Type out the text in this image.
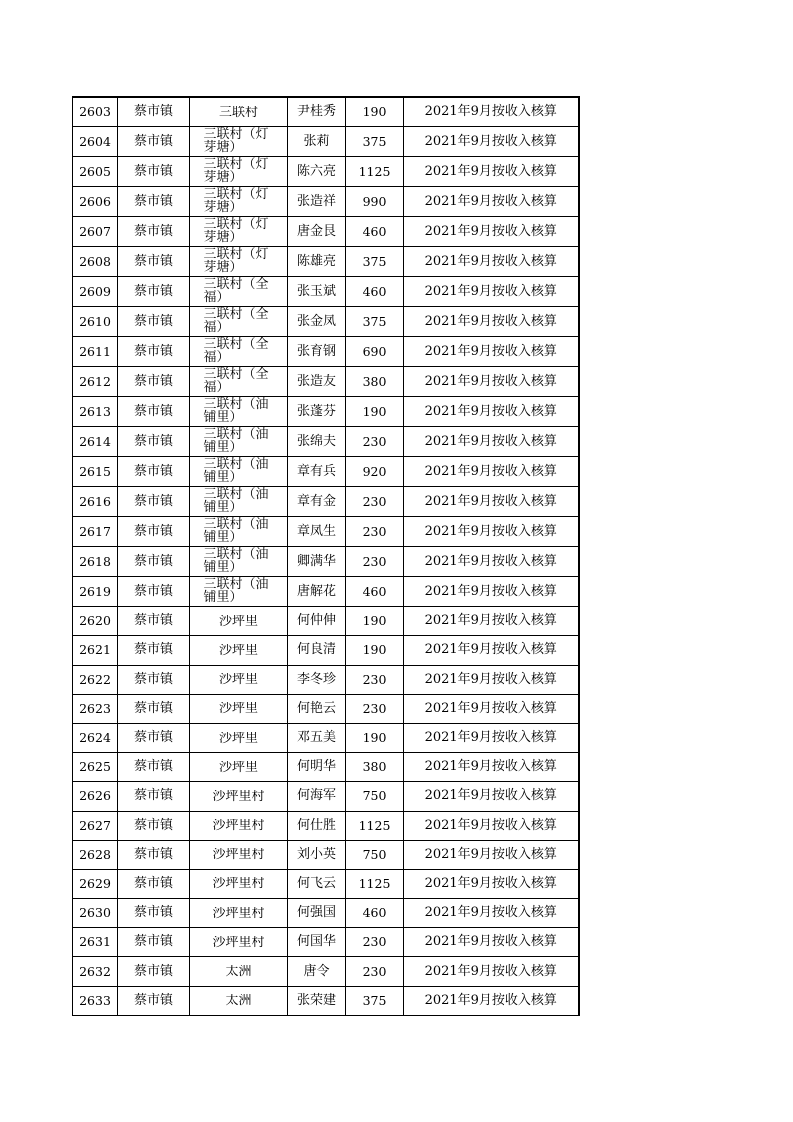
2603	蔡市镇	三联村	尹桂秀	190	2021年9月按收入核算
2604	蔡市镇	三联村（灯芽塘）	张莉	375	2021年9月按收入核算
2605	蔡市镇	三联村（灯芽塘）	陈六亮	1125	2021年9月按收入核算
2606	蔡市镇	三联村（灯芽塘）	张造祥	990	2021年9月按收入核算
2607	蔡市镇	三联村（灯芽塘）	唐金艮	460	2021年9月按收入核算
2608	蔡市镇	三联村（灯芽塘）	陈雄亮	375	2021年9月按收入核算
2609	蔡市镇	三联村（全福）	张玉斌	460	2021年9月按收入核算
2610	蔡市镇	三联村（全福）	张金凤	375	2021年9月按收入核算
2611	蔡市镇	三联村（全福）	张育钢	690	2021年9月按收入核算
2612	蔡市镇	三联村（全福）	张造友	380	2021年9月按收入核算
2613	蔡市镇	三联村（油铺里）	张蓬芬	190	2021年9月按收入核算
2614	蔡市镇	三联村（油铺里）	张绵夫	230	2021年9月按收入核算
2615	蔡市镇	三联村（油铺里）	章有兵	920	2021年9月按收入核算
2616	蔡市镇	三联村（油铺里）	章有金	230	2021年9月按收入核算
2617	蔡市镇	三联村（油铺里）	章凤生	230	2021年9月按收入核算
2618	蔡市镇	三联村（油铺里）	卿满华	230	2021年9月按收入核算
2619	蔡市镇	三联村（油铺里）	唐解花	460	2021年9月按收入核算
2620	蔡市镇	沙坪里	何仲伸	190	2021年9月按收入核算
2621	蔡市镇	沙坪里	何良清	190	2021年9月按收入核算
2622	蔡市镇	沙坪里	李冬珍	230	2021年9月按收入核算
2623	蔡市镇	沙坪里	何艳云	230	2021年9月按收入核算
2624	蔡市镇	沙坪里	邓五美	190	2021年9月按收入核算
2625	蔡市镇	沙坪里	何明华	380	2021年9月按收入核算
2626	蔡市镇	沙坪里村	何海军	750	2021年9月按收入核算
2627	蔡市镇	沙坪里村	何仕胜	1125	2021年9月按收入核算
2628	蔡市镇	沙坪里村	刘小英	750	2021年9月按收入核算
2629	蔡市镇	沙坪里村	何飞云	1125	2021年9月按收入核算
2630	蔡市镇	沙坪里村	何强国	460	2021年9月按收入核算
2631	蔡市镇	沙坪里村	何国华	230	2021年9月按收入核算
2632	蔡市镇	太洲	唐令	230	2021年9月按收入核算
2633	蔡市镇	太洲	张荣建	375	2021年9月按收入核算
